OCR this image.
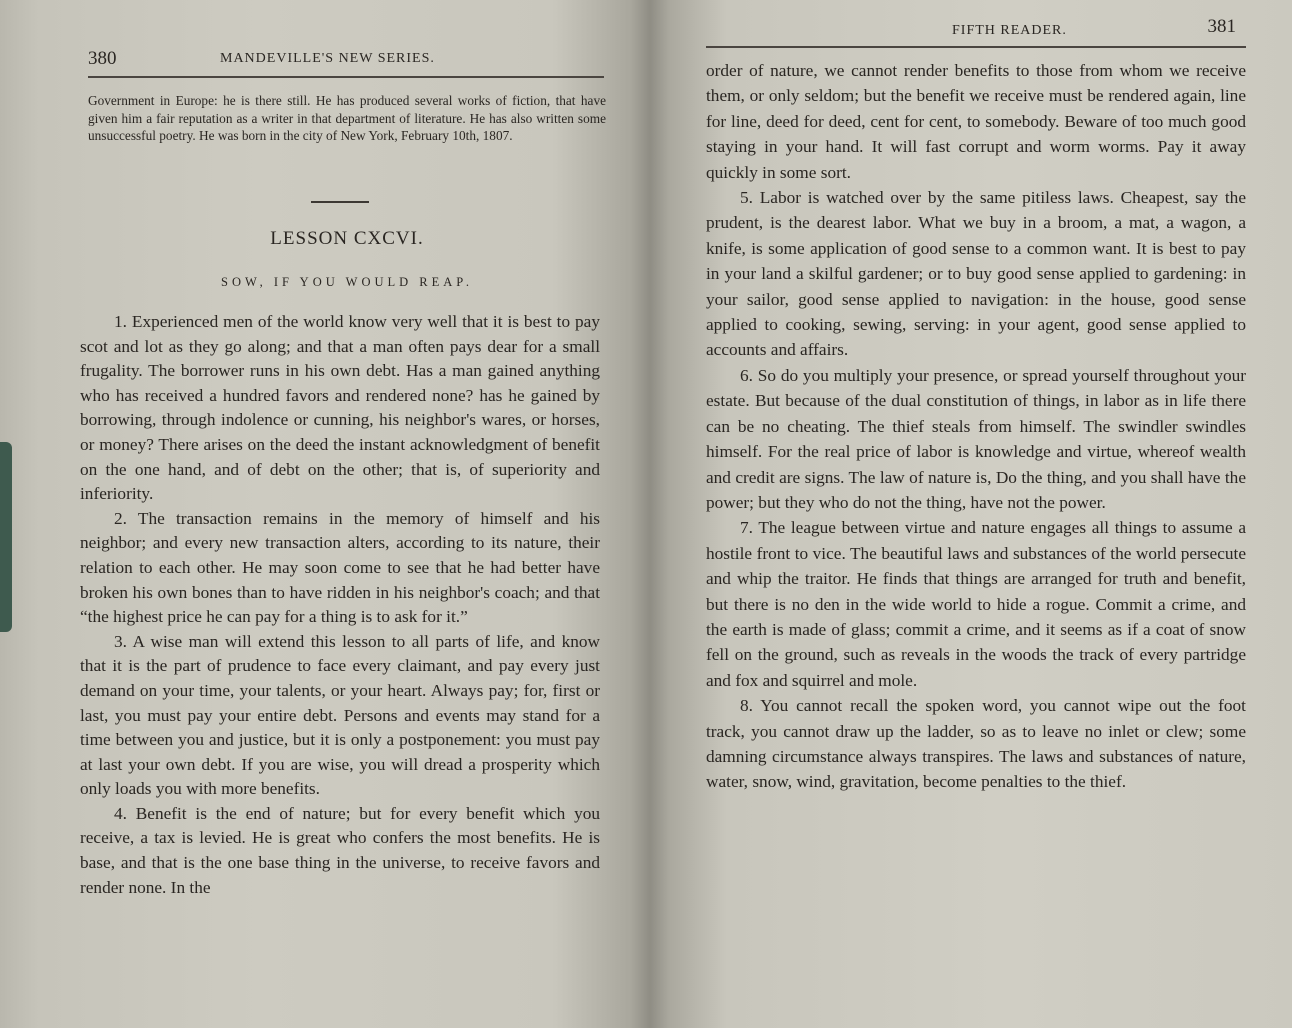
380	MANDEVILLE'S NEW SERIES.
Government in Europe: he is there still. He has produced several works of fiction, that have given him a fair reputation as a writer in that department of literature. He has also written some unsuccessful poetry. He was born in the city of New York, February 10th, 1807.
LESSON CXCVI.
SOW, IF YOU WOULD REAP.

1. Experienced men of the world know very well that it is best to pay scot and lot as they go along; and that a man often pays dear for a small frugality. The borrower runs in his own debt. Has a man gained anything who has received a hundred favors and rendered none? has he gained by borrowing, through indolence or cunning, his neighbor's wares, or horses, or money? There arises on the deed the instant acknowledgment of benefit on the one hand, and of debt on the other; that is, of superiority and inferiority.

2. The transaction remains in the memory of himself and his neighbor; and every new transaction alters, according to its nature, their relation to each other. He may soon come to see that he had better have broken his own bones than to have ridden in his neighbor's coach; and that “the highest price he can pay for a thing is to ask for it.”

3. A wise man will extend this lesson to all parts of life, and know that it is the part of prudence to face every claimant, and pay every just demand on your time, your talents, or your heart. Always pay; for, first or last, you must pay your entire debt. Persons and events may stand for a time between you and justice, but it is only a postponement: you must pay at last your own debt. If you are wise, you will dread a prosperity which only loads you with more benefits.

4. Benefit is the end of nature; but for every benefit which you receive, a tax is levied. He is great who confers the most benefits. He is base, and that is the one base thing in the universe, to receive favors and render none. In the

FIFTH READER.	381

order of nature, we cannot render benefits to those from whom we receive them, or only seldom; but the benefit we receive must be rendered again, line for line, deed for deed, cent for cent, to somebody. Beware of too much good staying in your hand. It will fast corrupt and worm worms. Pay it away quickly in some sort.

5. Labor is watched over by the same pitiless laws. Cheapest, say the prudent, is the dearest labor. What we buy in a broom, a mat, a wagon, a knife, is some application of good sense to a common want. It is best to pay in your land a skilful gardener; or to buy good sense applied to gardening: in your sailor, good sense applied to navigation: in the house, good sense applied to cooking, sewing, serving: in your agent, good sense applied to accounts and affairs.

6. So do you multiply your presence, or spread yourself throughout your estate. But because of the dual constitution of things, in labor as in life there can be no cheating. The thief steals from himself. The swindler swindles himself. For the real price of labor is knowledge and virtue, whereof wealth and credit are signs. The law of nature is, Do the thing, and you shall have the power; but they who do not the thing, have not the power.

7. The league between virtue and nature engages all things to assume a hostile front to vice. The beautiful laws and substances of the world persecute and whip the traitor. He finds that things are arranged for truth and benefit, but there is no den in the wide world to hide a rogue. Commit a crime, and the earth is made of glass; commit a crime, and it seems as if a coat of snow fell on the ground, such as reveals in the woods the track of every partridge and fox and squirrel and mole.

8. You cannot recall the spoken word, you cannot wipe out the foot track, you cannot draw up the ladder, so as to leave no inlet or clew; some damning circumstance always transpires. The laws and substances of nature, water, snow, wind, gravitation, become penalties to the thief.
